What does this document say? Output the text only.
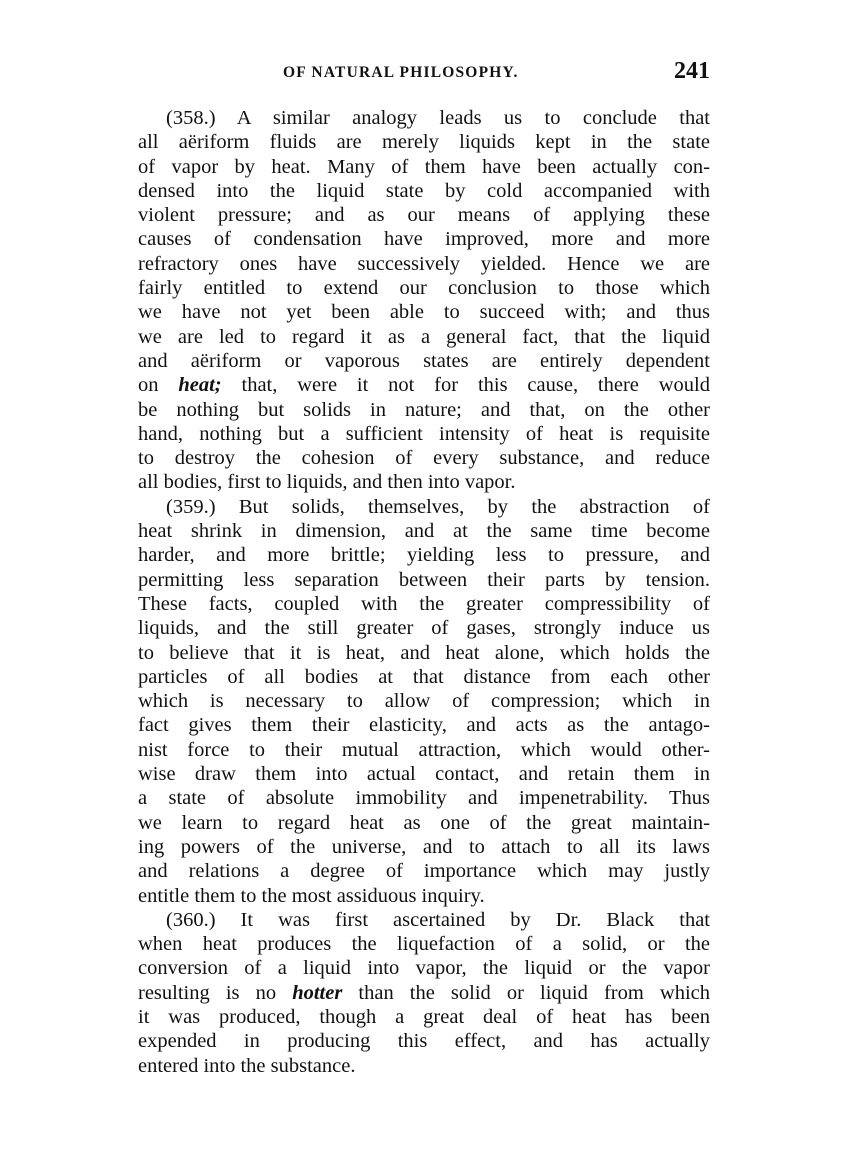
OF NATURAL PHILOSOPHY.	241
(358.) A similar analogy leads us to conclude that
all aëriform fluids are merely liquids kept in the state
of vapor by heat. Many of them have been actually con-
densed into the liquid state by cold accompanied with
violent pressure; and as our means of applying these
causes of condensation have improved, more and more
refractory ones have successively yielded. Hence we are
fairly entitled to extend our conclusion to those which
we have not yet been able to succeed with; and thus
we are led to regard it as a general fact, that the liquid
and aëriform or vaporous states are entirely dependent
on heat; that, were it not for this cause, there would
be nothing but solids in nature; and that, on the other
hand, nothing but a sufficient intensity of heat is requisite
to destroy the cohesion of every substance, and reduce
all bodies, first to liquids, and then into vapor.
(359.) But solids, themselves, by the abstraction of
heat shrink in dimension, and at the same time become
harder, and more brittle; yielding less to pressure, and
permitting less separation between their parts by tension.
These facts, coupled with the greater compressibility of
liquids, and the still greater of gases, strongly induce us
to believe that it is heat, and heat alone, which holds the
particles of all bodies at that distance from each other
which is necessary to allow of compression; which in
fact gives them their elasticity, and acts as the antago-
nist force to their mutual attraction, which would other-
wise draw them into actual contact, and retain them in
a state of absolute immobility and impenetrability. Thus
we learn to regard heat as one of the great maintain-
ing powers of the universe, and to attach to all its laws
and relations a degree of importance which may justly
entitle them to the most assiduous inquiry.
(360.) It was first ascertained by Dr. Black that
when heat produces the liquefaction of a solid, or the
conversion of a liquid into vapor, the liquid or the vapor
resulting is no hotter than the solid or liquid from which
it was produced, though a great deal of heat has been
expended in producing this effect, and has actually
entered into the substance.
